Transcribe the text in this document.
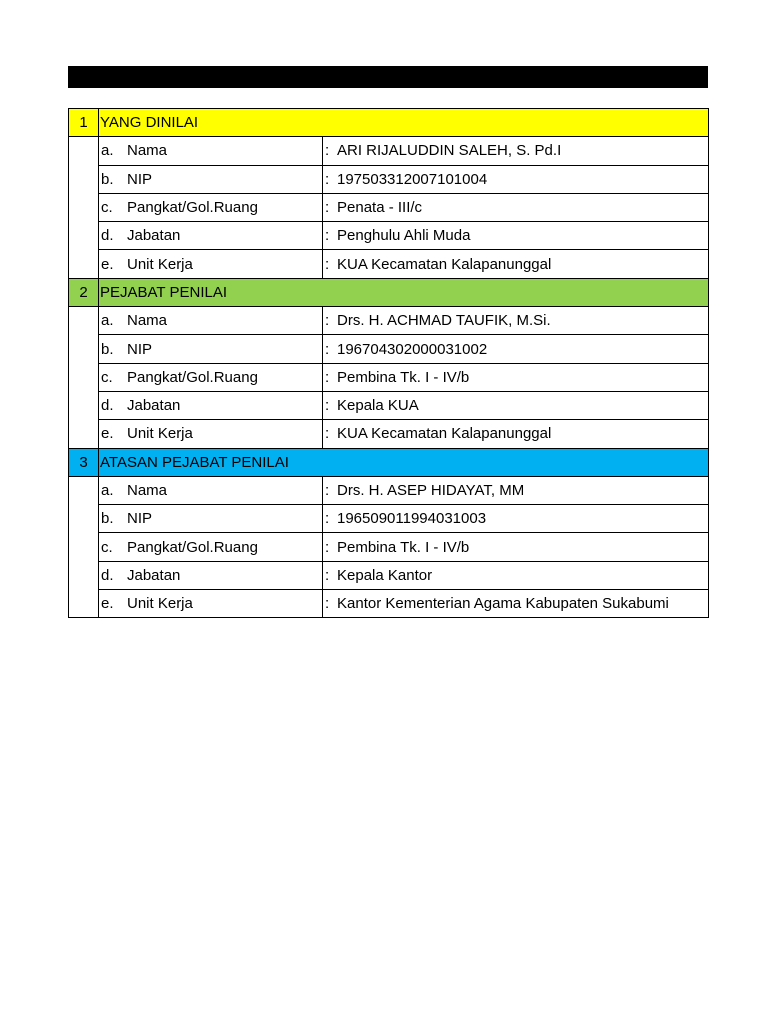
1	YANG DINILAI	
	a. Nama	: ARI RIJALUDDIN SALEH, S. Pd.I
	b. NIP	: 197503312007101004
	c. Pangkat/Gol.Ruang	: Penata - III/c
	d. Jabatan	: Penghulu Ahli Muda
	e. Unit Kerja	: KUA Kecamatan Kalapanunggal
2	PEJABAT PENILAI	
	a. Nama	: Drs. H. ACHMAD TAUFIK, M.Si.
	b. NIP	: 196704302000031002
	c. Pangkat/Gol.Ruang	: Pembina Tk. I - IV/b
	d. Jabatan	: Kepala KUA
	e. Unit Kerja	: KUA Kecamatan Kalapanunggal
3	ATASAN PEJABAT PENILAI	
	a. Nama	: Drs. H. ASEP HIDAYAT, MM
	b. NIP	: 196509011994031003
	c. Pangkat/Gol.Ruang	: Pembina Tk. I - IV/b
	d. Jabatan	: Kepala Kantor
	e. Unit Kerja	: Kantor Kementerian Agama Kabupaten Sukabumi
